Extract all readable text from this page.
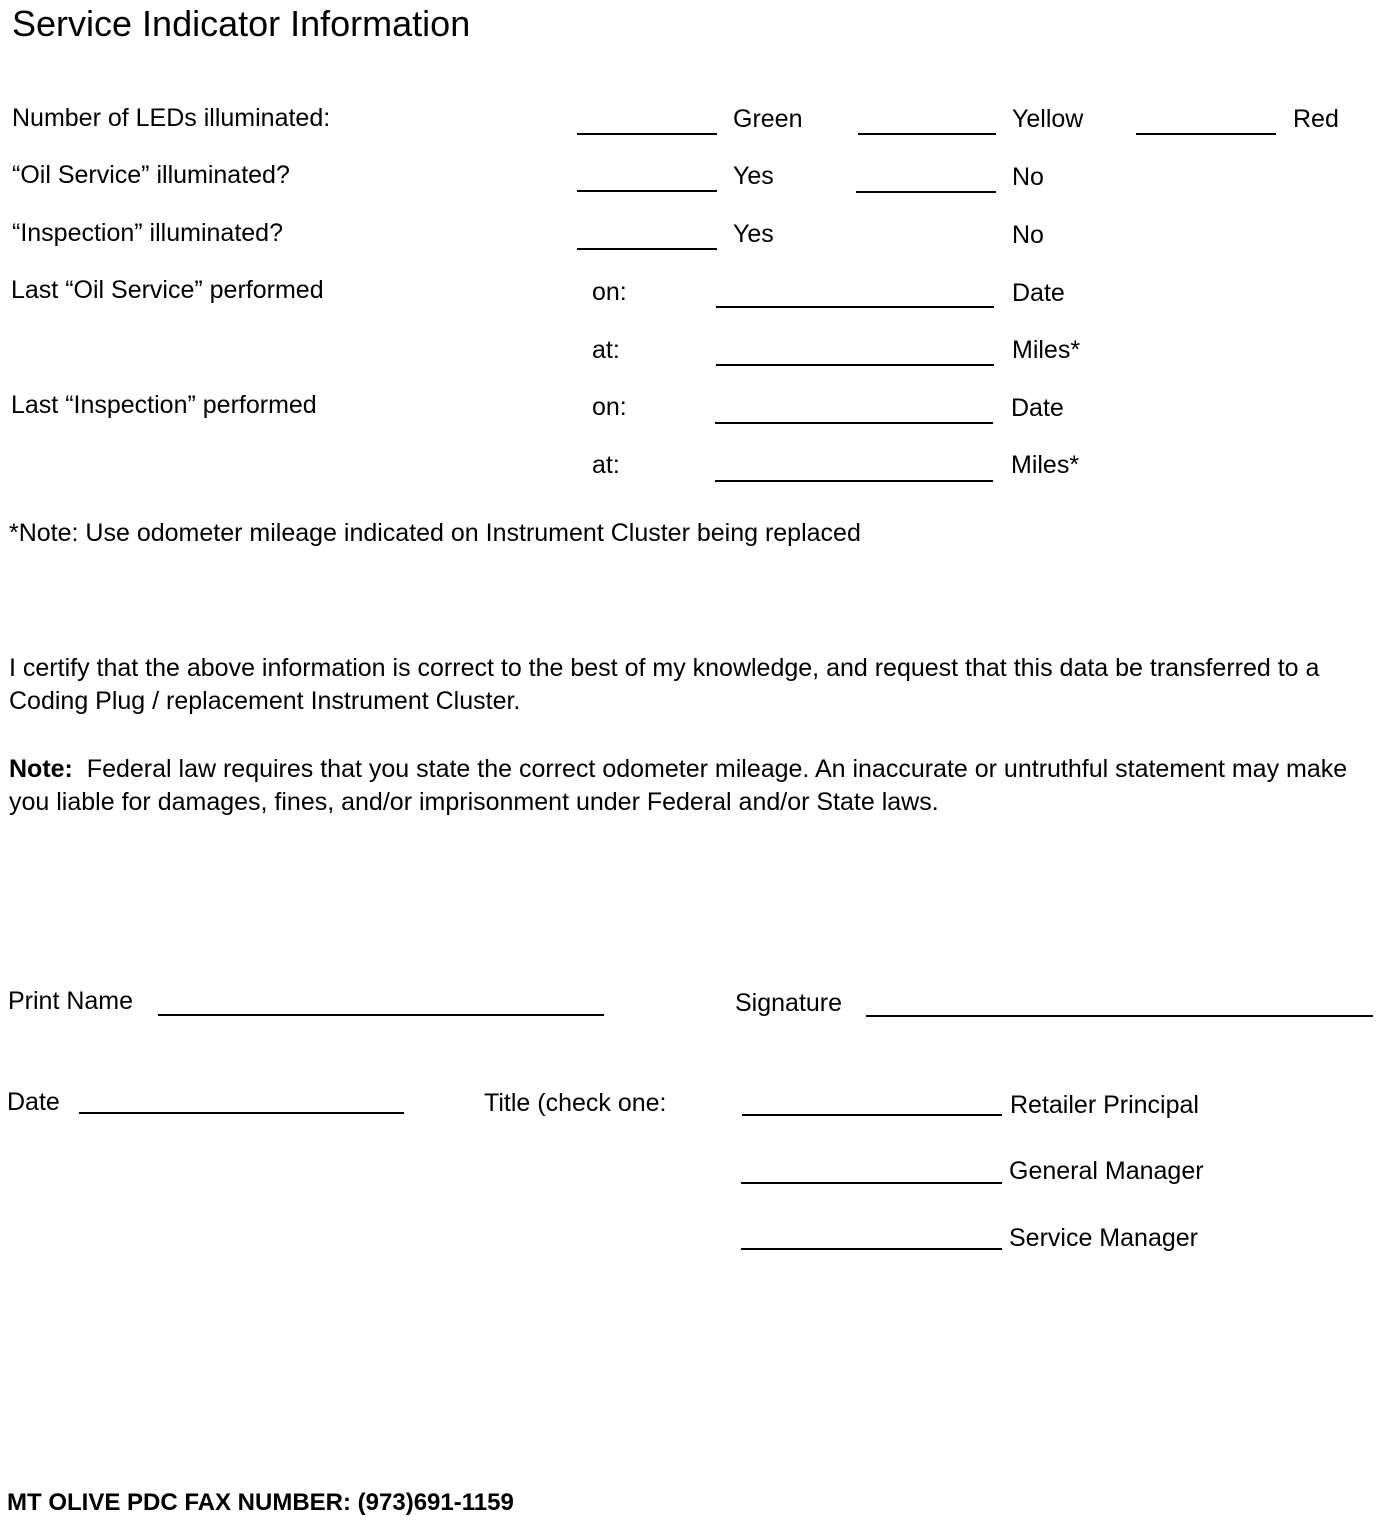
Service Indicator Information
Number of LEDs illuminated:	Green	Yellow	Red
“Oil Service” illuminated?	Yes	No
“Inspection” illuminated?	Yes	No
Last “Oil Service” performed	on:	Date
at:	Miles*
Last “Inspection” performed	on:	Date
at:	Miles*
*Note: Use odometer mileage indicated on Instrument Cluster being replaced
I certify that the above information is correct to the best of my knowledge, and request that this data be transferred to a Coding Plug / replacement Instrument Cluster.
Note: Federal law requires that you state the correct odometer mileage. An inaccurate or untruthful statement may make you liable for damages, fines, and/or imprisonment under Federal and/or State laws.
Print Name	Signature
Date	Title (check one:	Retailer Principal
General Manager
Service Manager
MT OLIVE PDC FAX NUMBER: (973)691-1159
